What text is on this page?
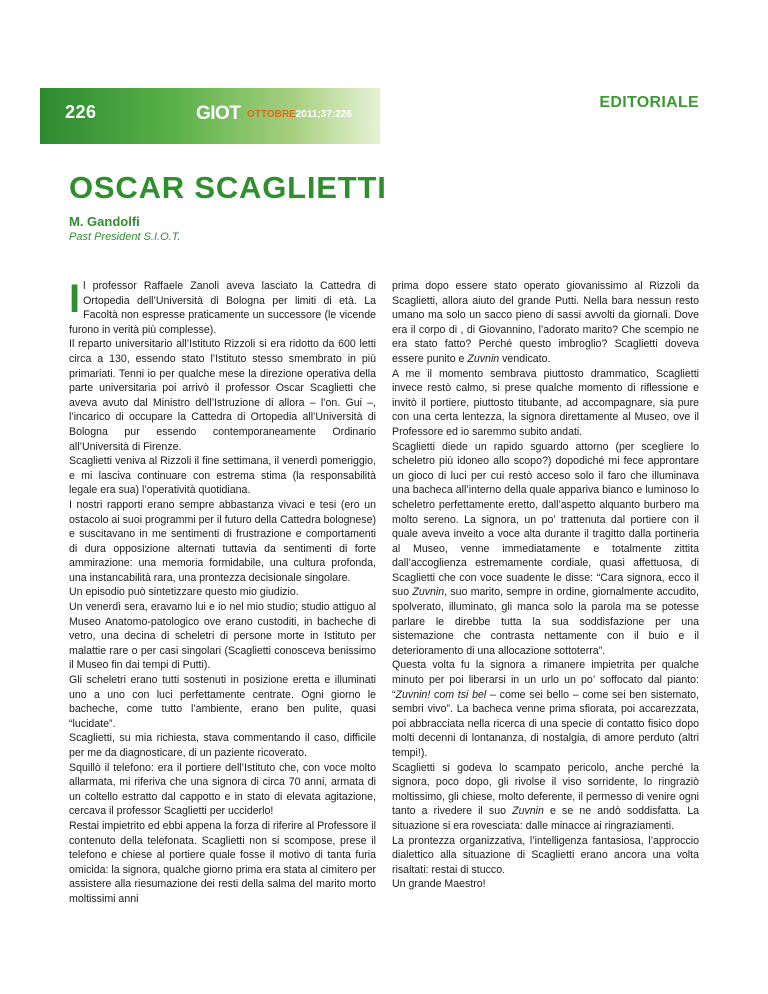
226	GIOT OTTOBRE2011;37:226
EDITORIALE
OSCAR SCAGLIETTI
M. Gandolfi
Past President S.I.O.T.

Il professor Raffaele Zanoli aveva lasciato la Cattedra di Ortopedia dell’Università di Bologna per limiti di età. La Facoltà non espresse praticamente un successore (le vicende furono in verità più complesse).

Il reparto universitario all’Istituto Rizzoli si era ridotto da 600 letti circa a 130, essendo stato l’Istituto stesso smembrato in più primariati. Tenni io per qualche mese la direzione operativa della parte universitaria poi arrivò il professor Oscar Scaglietti che aveva avuto dal Ministro dell’Istruzione di allora – l’on. Gui –, l’incarico di occupare la Cattedra di Ortopedia all’Università di Bologna pur essendo contemporaneamente Ordinario all’Università di Firenze.

Scaglietti veniva al Rizzoli il fine settimana, il venerdì pomeriggio, e mi lasciva continuare con estrema stima (la responsabilità legale era sua) l’operatività quotidiana.

I nostri rapporti erano sempre abbastanza vivaci e tesi (ero un ostacolo ai suoi programmi per il futuro della Cattedra bolognese) e suscitavano in me sentimenti di frustrazione e comportamenti di dura opposizione alternati tuttavia da sentimenti di forte ammirazione: una memoria formidabile, una cultura profonda, una instancabilità rara, una prontezza decisionale singolare.

Un episodio può sintetizzare questo mio giudizio.

Un venerdì sera, eravamo lui e io nel mio studio; studio attiguo al Museo Anatomo-patologico ove erano custoditi, in bacheche di vetro, una decina di scheletri di persone morte in Istituto per malattie rare o per casi singolari (Scaglietti conosceva benissimo il Museo fin dai tempi di Putti).

Gli scheletri erano tutti sostenuti in posizione eretta e illuminati uno a uno con luci perfettamente centrate. Ogni giorno le bacheche, come tutto l’ambiente, erano ben pulite, quasi “lucidate”.

Scaglietti, su mia richiesta, stava commentando il caso, difficile per me da diagnosticare, di un paziente ricoverato.

Squillò il telefono: era il portiere dell’Istituto che, con voce molto allarmata, mi riferiva che una signora di circa 70 anni, armata di un coltello estratto dal cappotto e in stato di elevata agitazione, cercava il professor Scaglietti per ucciderlo!

Restai impietrito ed ebbi appena la forza di riferire al Professore il contenuto della telefonata. Scaglietti non si scompose, prese il telefono e chiese al portiere quale fosse il motivo di tanta furia omicida: la signora, qualche giorno prima era stata al cimitero per assistere alla riesumazione dei resti della salma del marito morto moltissimi anni

prima dopo essere stato operato giovanissimo al Rizzoli da Scaglietti, allora aiuto del grande Putti. Nella bara nessun resto umano ma solo un sacco pieno di sassi avvolti da giornali. Dove era il corpo di , di Giovannino, l’adorato marito? Che scempio ne era stato fatto? Perché questo imbroglio? Scaglietti doveva essere punito e Zuvnin vendicato.

A me il momento sembrava piuttosto drammatico, Scaglietti invece restò calmo, si prese qualche momento di riflessione e invitò il portiere, piuttosto titubante, ad accompagnare, sia pure con una certa lentezza, la signora direttamente al Museo, ove il Professore ed io saremmo subito andati.

Scaglietti diede un rapido sguardo attorno (per scegliere lo scheletro più idoneo allo scopo?) dopodiché mi fece approntare un gioco di luci per cui restò acceso solo il faro che illuminava una bacheca all’interno della quale appariva bianco e luminoso lo scheletro perfettamente eretto, dall’aspetto alquanto burbero ma molto sereno. La signora, un po’ trattenuta dal portiere con il quale aveva inveito a voce alta durante il tragitto dalla portineria al Museo, venne immediatamente e totalmente zittita dall’accoglienza estremamente cordiale, quasi affettuosa, di Scaglietti che con voce suadente le disse: “Cara signora, ecco il suo Zuvnin, suo marito, sempre in ordine, giornalmente accudito, spolverato, illuminato, gli manca solo la parola ma se potesse parlare le direbbe tutta la sua soddisfazione per una sistemazione che contrasta nettamente con il buio e il deterioramento di una allocazione sottoterra”.

Questa volta fu la signora a rimanere impietrita per qualche minuto per poi liberarsi in un urlo un po’ soffocato dal pianto: “Zuvnin! com tsi bel – come sei bello – come sei ben sistemato, sembri vivo”. La bacheca venne prima sfiorata, poi accarezzata, poi abbracciata nella ricerca di una specie di contatto fisico dopo molti decenni di lontananza, di nostalgia, di amore perduto (altri tempi!).

Scaglietti si godeva lo scampato pericolo, anche perché la signora, poco dopo, gli rivolse il viso sorridente, lo ringraziò moltissimo, gli chiese, molto deferente, il permesso di venire ogni tanto a rivedere il suo Zuvnin e se ne andò soddisfatta. La situazione si era rovesciata: dalle minacce ai ringraziamenti.

La prontezza organizzativa, l’intelligenza fantasiosa, l’approccio dialettico alla situazione di Scaglietti erano ancora una volta risaltati: restai di stucco.

Un grande Maestro!
